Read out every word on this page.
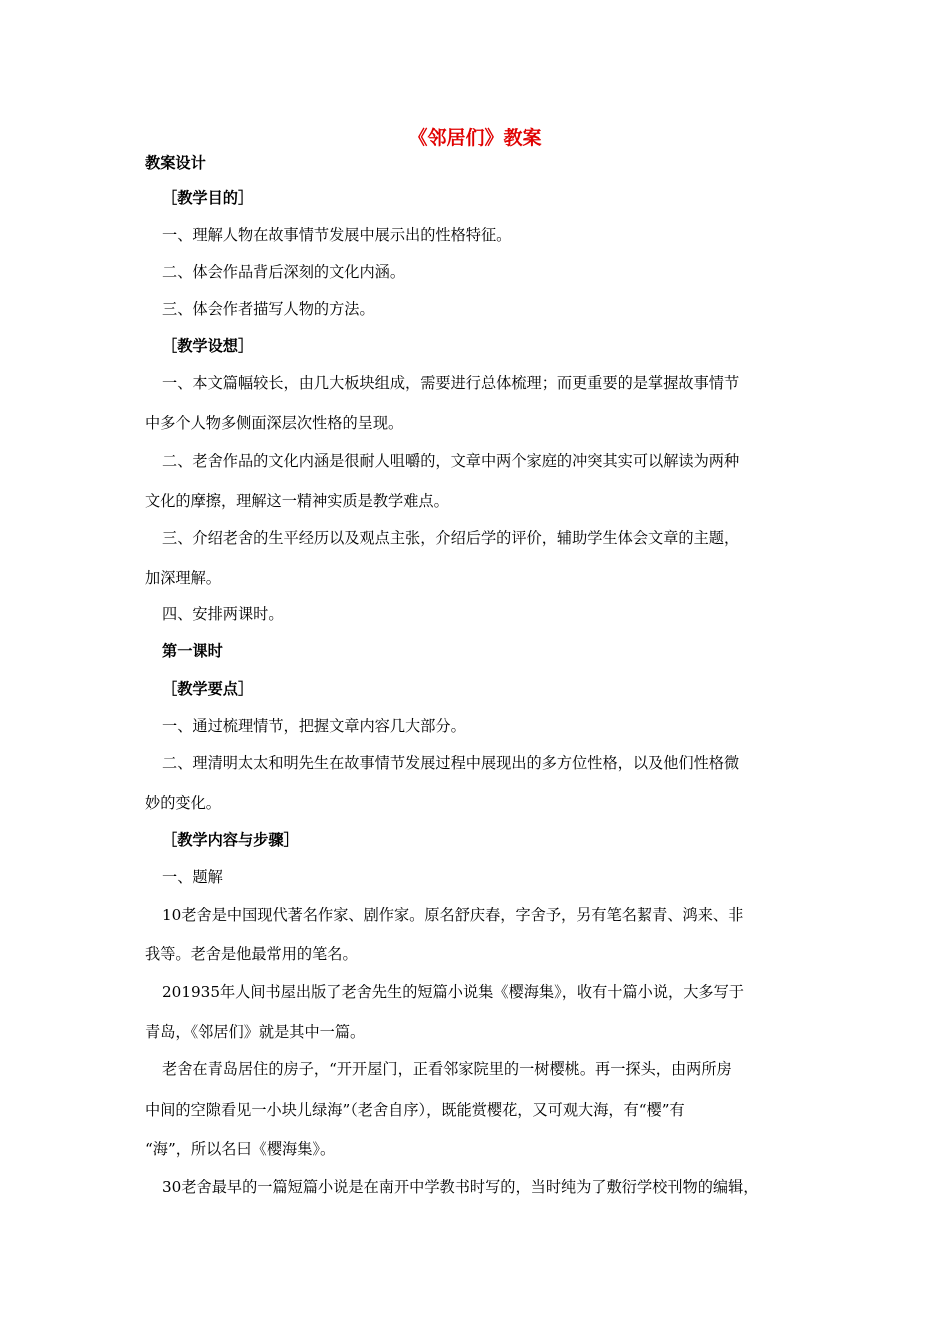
《邻居们》教案
教案设计
［教学目的］
一、理解人物在故事情节发展中展示出的性格特征。
二、体会作品背后深刻的文化内涵。
三、体会作者描写人物的方法。
［教学设想］
一、本文篇幅较长，由几大板块组成，需要进行总体梳理；而更重要的是掌握故事情节
中多个人物多侧面深层次性格的呈现。
二、老舍作品的文化内涵是很耐人咀嚼的，文章中两个家庭的冲突其实可以解读为两种
文化的摩擦，理解这一精神实质是教学难点。
三、介绍老舍的生平经历以及观点主张，介绍后学的评价，辅助学生体会文章的主题，
加深理解。
四、安排两课时。
第一课时
［教学要点］
一、通过梳理情节，把握文章内容几大部分。
二、理清明太太和明先生在故事情节发展过程中展现出的多方位性格，以及他们性格微
妙的变化。
［教学内容与步骤］
一、题解
10老舍是中国现代著名作家、剧作家。原名舒庆春，字舍予，另有笔名絜青、鸿来、非
我等。老舍是他最常用的笔名。
201935年人间书屋出版了老舍先生的短篇小说集《樱海集》，收有十篇小说，大多写于
青岛，《邻居们》就是其中一篇。
老舍在青岛居住的房子，“开开屋门，正看邻家院里的一树樱桃。再一探头，由两所房
中间的空隙看见一小块儿绿海”（老舍自序），既能赏樱花，又可观大海，有“樱”有
“海”，所以名曰《樱海集》。
30老舍最早的一篇短篇小说是在南开中学教书时写的，当时纯为了敷衍学校刊物的编辑，
